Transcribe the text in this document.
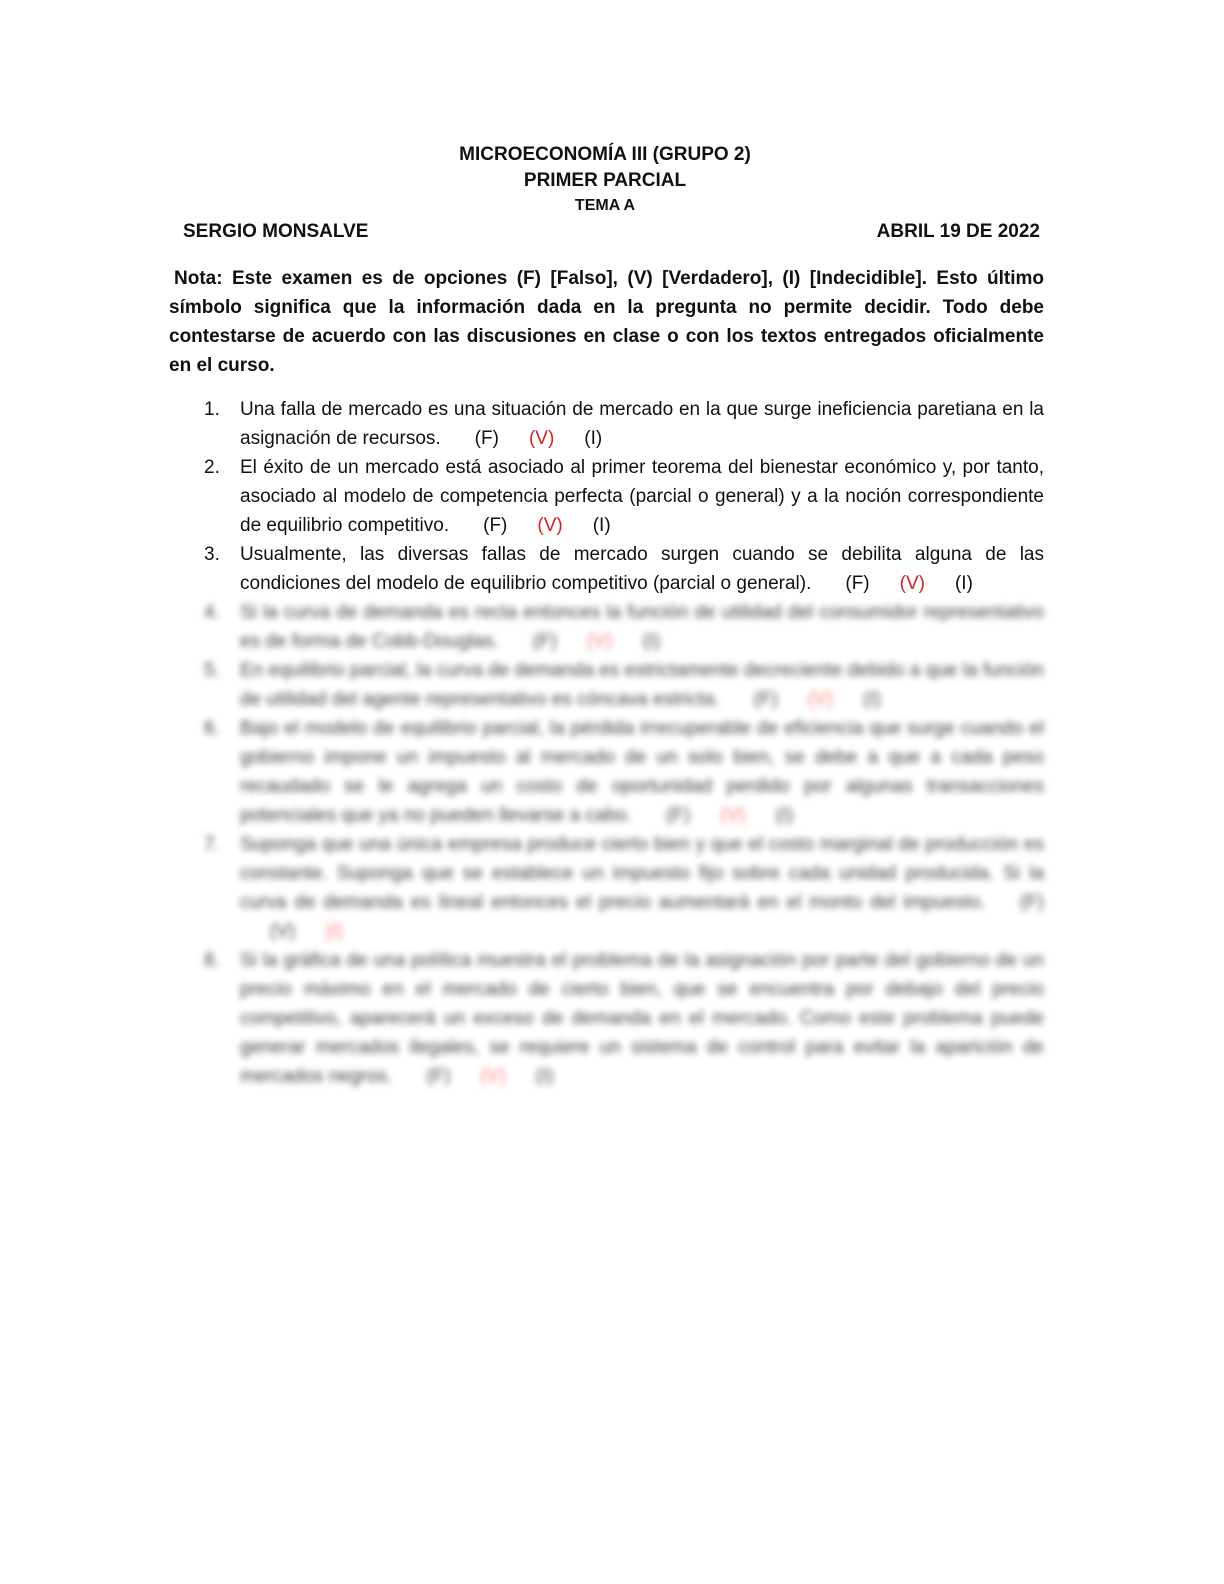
MICROECONOMÍA III (GRUPO 2)
PRIMER PARCIAL
TEMA A
SERGIO MONSALVE	ABRIL 19 DE 2022

Nota: Este examen es de opciones (F) [Falso], (V) [Verdadero], (I) [Indecidible]. Esto último símbolo significa que la información dada en la pregunta no permite decidir. Todo debe contestarse de acuerdo con las discusiones en clase o con los textos entregados oficialmente en el curso.

1. Una falla de mercado es una situación de mercado en la que surge ineficiencia paretiana en la asignación de recursos. (F) (V) (I)
2. El éxito de un mercado está asociado al primer teorema del bienestar económico y, por tanto, asociado al modelo de competencia perfecta (parcial o general) y a la noción correspondiente de equilibrio competitivo. (F) (V) (I)
3. Usualmente, las diversas fallas de mercado surgen cuando se debilita alguna de las condiciones del modelo de equilibrio competitivo (parcial o general). (F) (V) (I)
4. Si la curva de demanda es recta entonces la función de utilidad del consumidor representativo es de forma de Cobb-Douglas. (F) (V) (I)
5. En equilibrio parcial, la curva de demanda es estrictamente decreciente debido a que la función de utilidad del agente representativo es cóncava estricta. (F) (V) (I)
6. Bajo el modelo de equilibrio parcial, la pérdida irrecuperable de eficiencia que surge cuando el gobierno impone un impuesto al mercado de un solo bien, se debe a que a cada peso recaudado se le agrega un costo de oportunidad perdido por algunas transacciones potenciales que ya no pueden llevarse a cabo. (F) (V) (I)
7. Suponga que una única empresa produce cierto bien y que el costo marginal de producción es constante. Suponga que se establece un impuesto fijo sobre cada unidad producida. Si la curva de demanda es lineal entonces el precio aumentará en el monto del impuesto. (F)(V) (I)
8. Si la gráfica de una política muestra el problema de la asignación por parte del gobierno de un precio máximo en el mercado de cierto bien, que se encuentra por debajo del precio competitivo, aparecerá un exceso de demanda en el mercado. Como este problema puede generar mercados ilegales, se requiere un sistema de control para evitar la aparición de mercados negros. (F) (V) (I)
